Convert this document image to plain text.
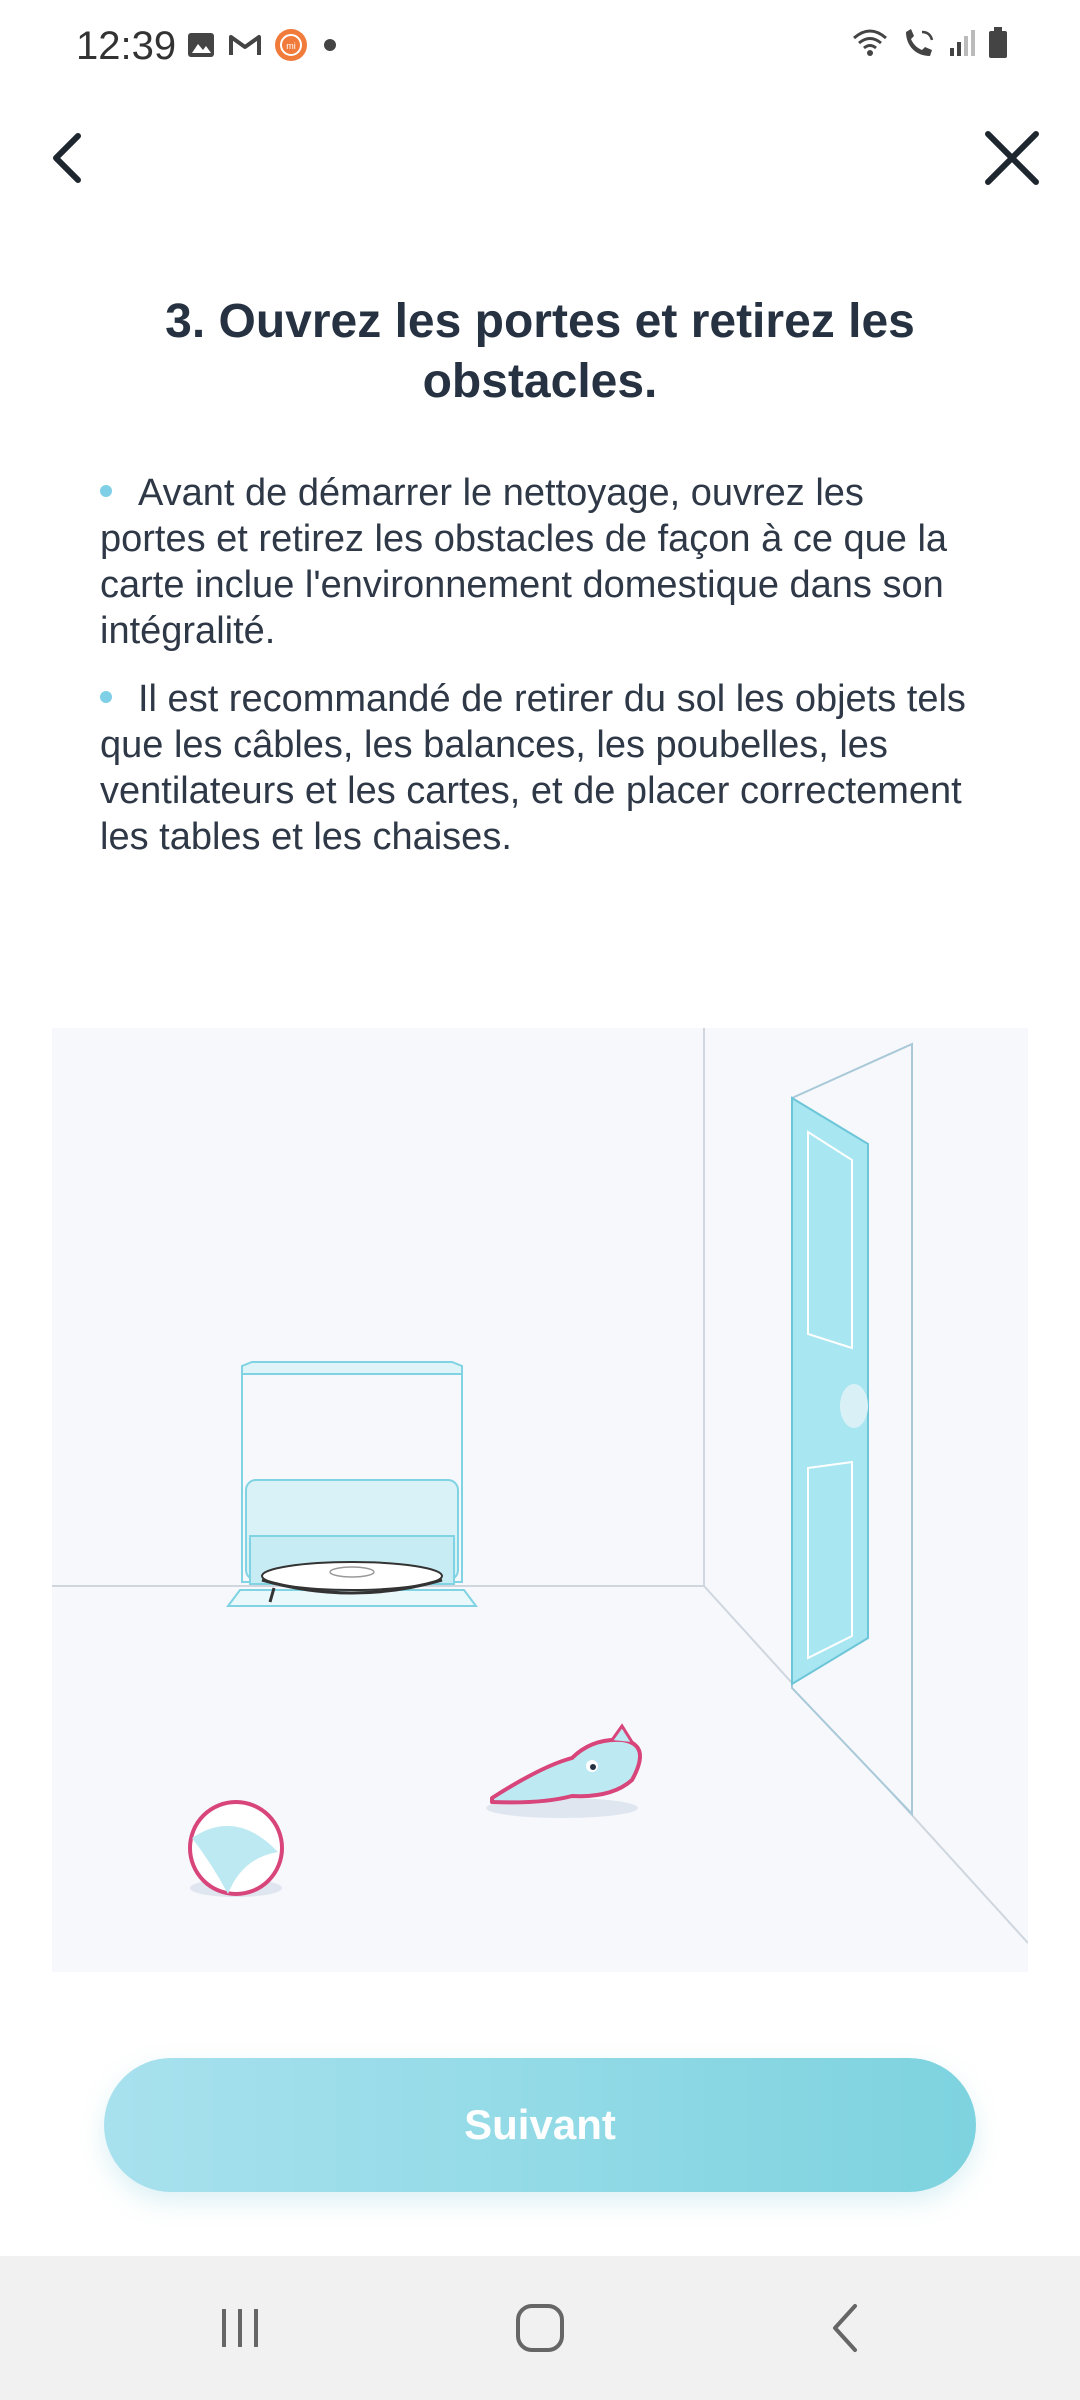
12:39	mi
3. Ouvrez les portes et retirez les obstacles.

Avant de démarrer le nettoyage, ouvrez les portes et retirez les obstacles de façon à ce que la carte inclue l'environnement domestique dans son intégralité.

Il est recommandé de retirer du sol les objets tels que les câbles, les balances, les poubelles, les ventilateurs et les cartes, et de placer correctement les tables et les chaises.

Suivant
